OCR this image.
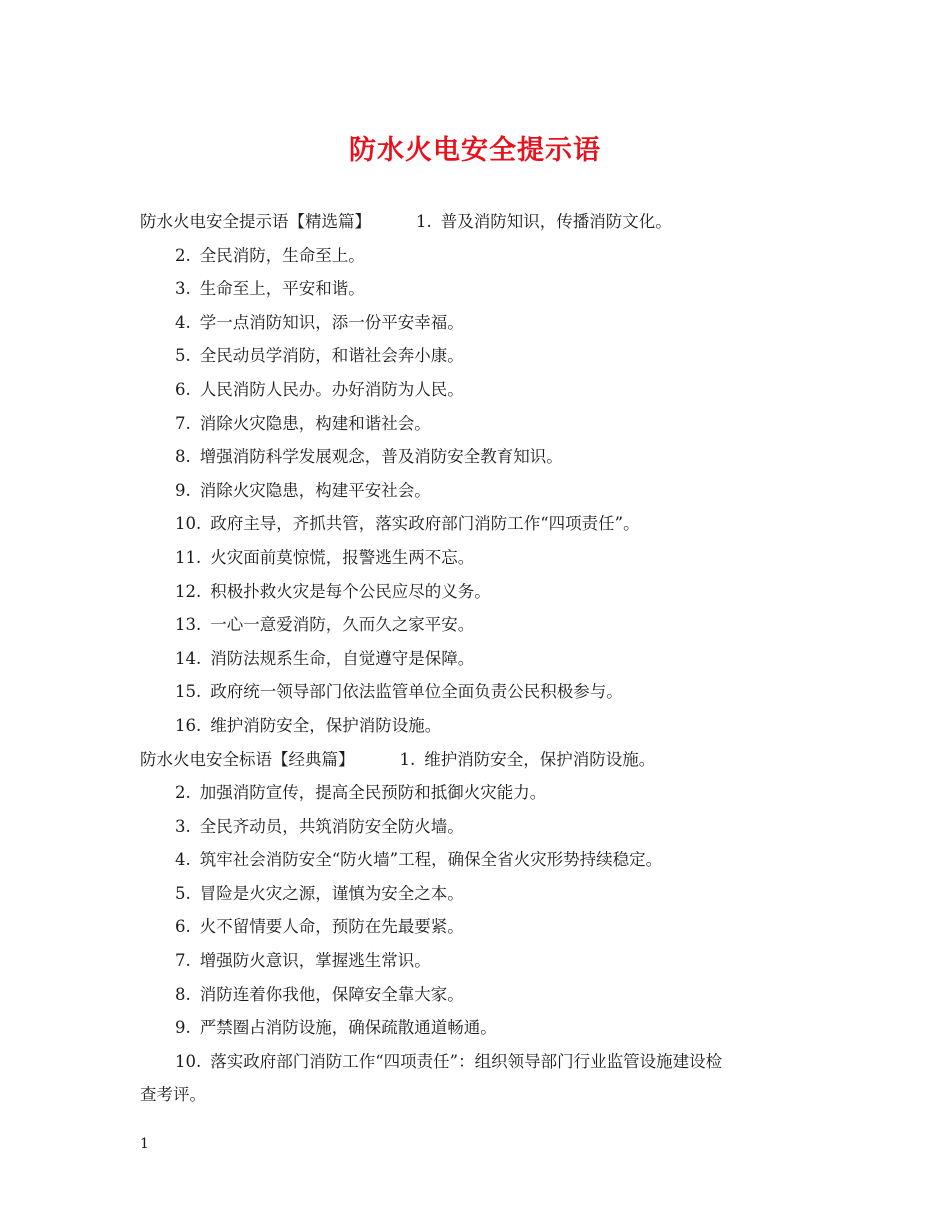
防水火电安全提示语
防水火电安全提示语【精选篇】	1. 普及消防知识，传播消防文化。
2. 全民消防，生命至上。
3. 生命至上，平安和谐。
4. 学一点消防知识，添一份平安幸福。
5. 全民动员学消防，和谐社会奔小康。
6. 人民消防人民办。办好消防为人民。
7. 消除火灾隐患，构建和谐社会。
8. 增强消防科学发展观念，普及消防安全教育知识。
9. 消除火灾隐患，构建平安社会。
10. 政府主导，齐抓共管，落实政府部门消防工作“四项责任”。
11. 火灾面前莫惊慌，报警逃生两不忘。
12. 积极扑救火灾是每个公民应尽的义务。
13. 一心一意爱消防，久而久之家平安。
14. 消防法规系生命，自觉遵守是保障。
15. 政府统一领导部门依法监管单位全面负责公民积极参与。
16. 维护消防安全，保护消防设施。
防水火电安全标语【经典篇】	1. 维护消防安全，保护消防设施。
2. 加强消防宣传，提高全民预防和抵御火灾能力。
3. 全民齐动员，共筑消防安全防火墙。
4. 筑牢社会消防安全“防火墙”工程，确保全省火灾形势持续稳定。
5. 冒险是火灾之源，谨慎为安全之本。
6. 火不留情要人命，预防在先最要紧。
7. 增强防火意识，掌握逃生常识。
8. 消防连着你我他，保障安全靠大家。
9. 严禁圈占消防设施，确保疏散通道畅通。
10. 落实政府部门消防工作“四项责任”：组织领导部门行业监管设施建设检
查考评。
1
